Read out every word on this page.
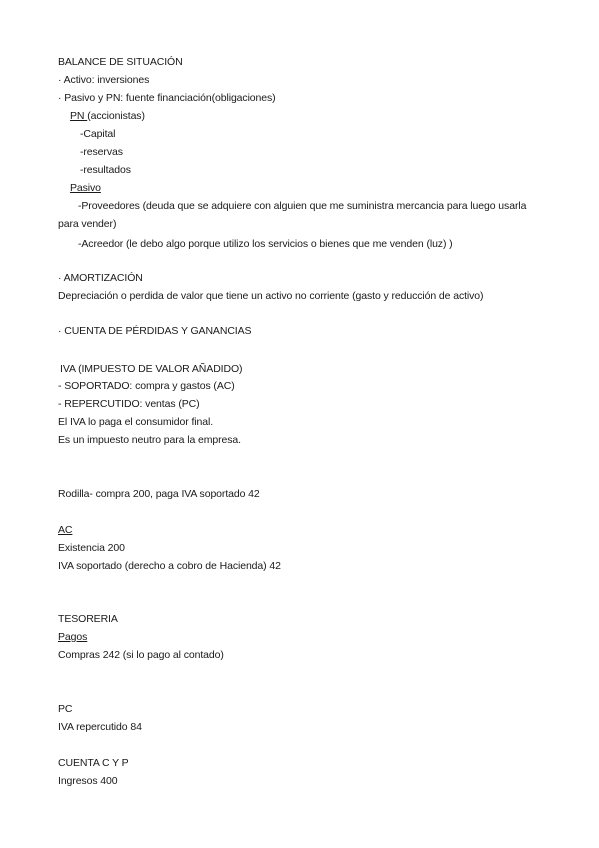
BALANCE DE SITUACIÓN
· Activo: inversiones
· Pasivo y PN: fuente financiación(obligaciones)
PN (accionistas)
-Capital
-reservas
-resultados
Pasivo
-Proveedores (deuda que se adquiere con alguien que me suministra mercancia para luego usarla para vender)
-Acreedor (le debo algo porque utilizo los servicios o bienes que me venden (luz) )
· AMORTIZACIÓN
Depreciación o perdida de valor que tiene un activo no corriente (gasto y reducción de activo)
· CUENTA DE PÉRDIDAS Y GANANCIAS
IVA (IMPUESTO DE VALOR AÑADIDO)
- SOPORTADO: compra y gastos (AC)
- REPERCUTIDO: ventas (PC)
El IVA lo paga el consumidor final.
Es un impuesto neutro para la empresa.
Rodilla- compra 200, paga IVA soportado 42
AC
Existencia 200
IVA soportado (derecho a cobro de Hacienda) 42
TESORERIA
Pagos
Compras 242 (si lo pago al contado)
PC
IVA repercutido 84
CUENTA C Y P
Ingresos 400
